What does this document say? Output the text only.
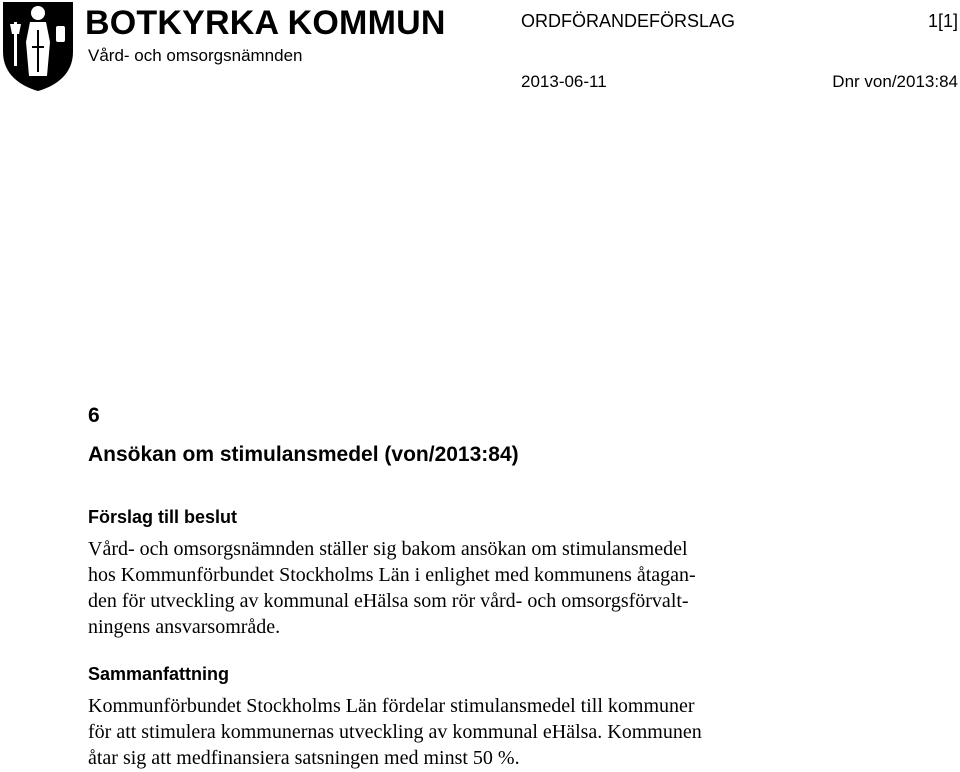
BOTKYRKA KOMMUN
Vård- och omsorgsnämnden
ORDFÖRANDEFÖRSLAG	1[1]
2013-06-11	Dnr von/2013:84
6
Ansökan om stimulansmedel (von/2013:84)
Förslag till beslut
Vård- och omsorgsnämnden ställer sig bakom ansökan om stimulansmedel
hos Kommunförbundet Stockholms Län i enlighet med kommunens åtagan-
den för utveckling av kommunal eHälsa som rör vård- och omsorgsförvalt-
ningens ansvarsområde.
Sammanfattning
Kommunförbundet Stockholms Län fördelar stimulansmedel till kommuner
för att stimulera kommunernas utveckling av kommunal eHälsa. Kommunen
åtar sig att medfinansiera satsningen med minst 50 %.
